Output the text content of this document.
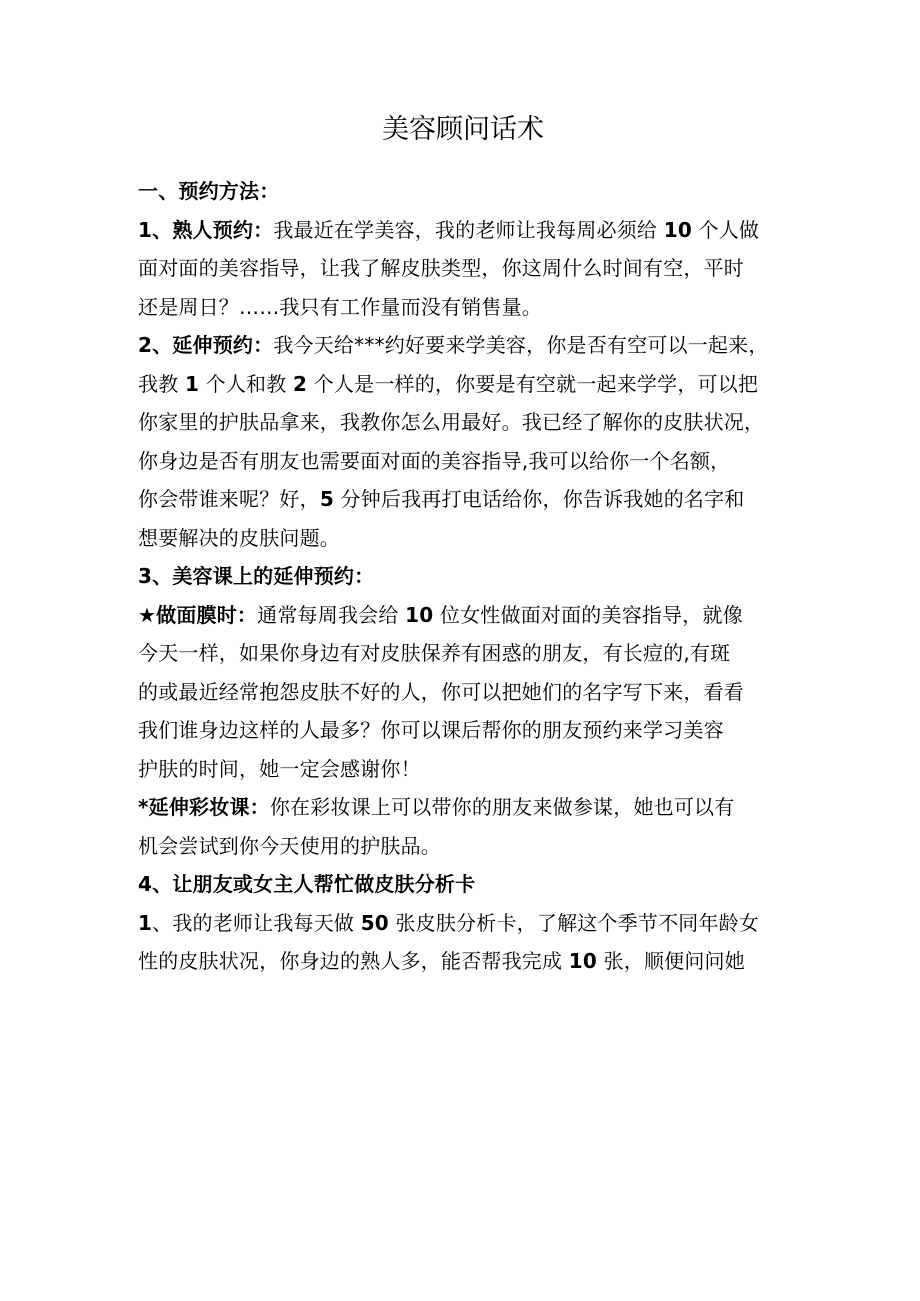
美容顾问话术

一、预约方法：

1、熟人预约：我最近在学美容，我的老师让我每周必须给 10 个人做

面对面的美容指导，让我了解皮肤类型，你这周什么时间有空，平时

还是周日？……我只有工作量而没有销售量。

2、延伸预约：我今天给***约好要来学美容，你是否有空可以一起来，

我教 1 个人和教 2 个人是一样的，你要是有空就一起来学学，可以把

你家里的护肤品拿来，我教你怎么用最好。我已经了解你的皮肤状况，

你身边是否有朋友也需要面对面的美容指导,我可以给你一个名额，

你会带谁来呢？好，5 分钟后我再打电话给你，你告诉我她的名字和

想要解决的皮肤问题。

3、美容课上的延伸预约：

★做面膜时：通常每周我会给 10 位女性做面对面的美容指导，就像

今天一样，如果你身边有对皮肤保养有困惑的朋友，有长痘的,有斑

的或最近经常抱怨皮肤不好的人，你可以把她们的名字写下来，看看

我们谁身边这样的人最多？你可以课后帮你的朋友预约来学习美容

护肤的时间，她一定会感谢你！

*延伸彩妆课：你在彩妆课上可以带你的朋友来做参谋，她也可以有

机会尝试到你今天使用的护肤品。

4、让朋友或女主人帮忙做皮肤分析卡

1、我的老师让我每天做 50 张皮肤分析卡，了解这个季节不同年龄女

性的皮肤状况，你身边的熟人多，能否帮我完成 10 张，顺便问问她
